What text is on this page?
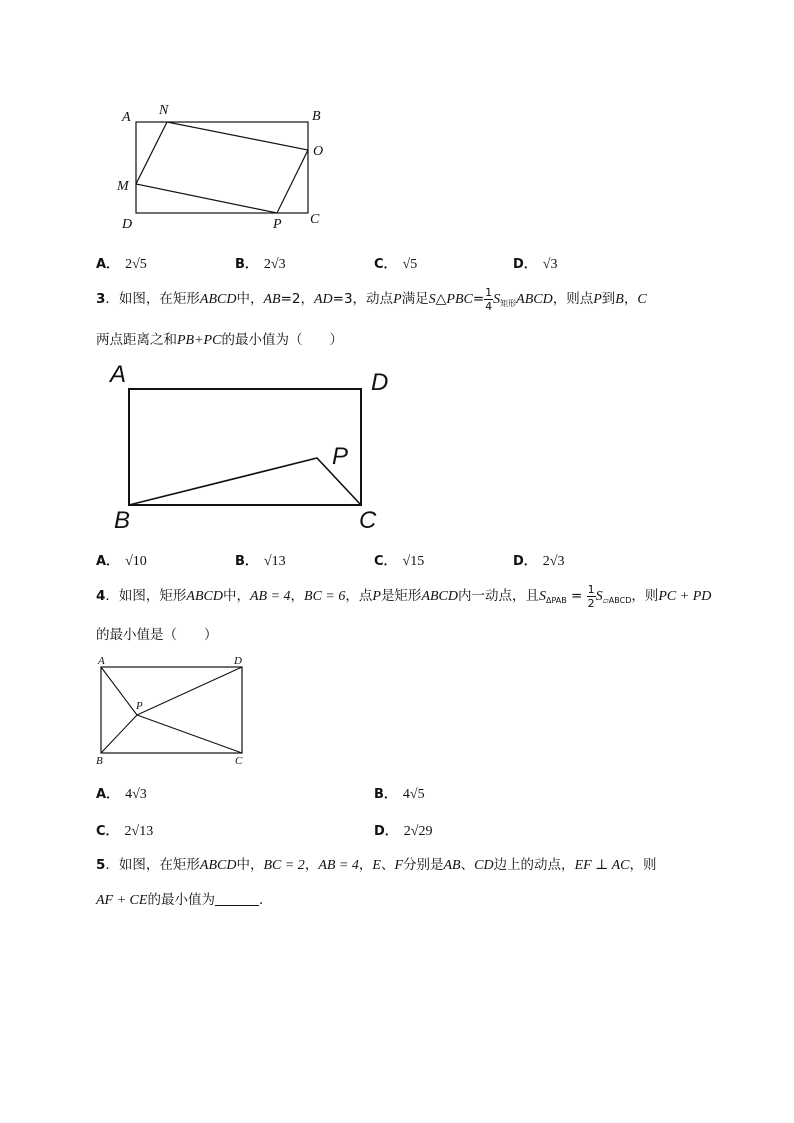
A N	B
O
M
D	P C
A． 2√5	B． 2√3	C． √5	D． √3
3．如图，在矩形ABCD中，AB=2，AD=3，动点P满足S△PBC= $\frac{1}{4}$ $S_{矩形}ABCD$，则点P到B，C
两点距离之和PB+PC的最小值为（　　）
A	D
P
B	C
A． √10	B． √13	C． √15	D． 2√3
4．如图，矩形ABCD中，AB = 4，BC = 6，点P是矩形ABCD内一动点，且$S_{\Delta PAB} = \frac{1}{2} S_{▱ABCD}$，则PC + PD
的最小值是（　　）
A	D
P
B	C
A． 4√3	B． 4√5
C． 2√13	D． 2√29
5．如图，在矩形ABCD中，BC = 2，AB = 4，E、F分别是AB、CD边上的动点，EF ⊥ AC，则
AF + CE的最小值为	．
